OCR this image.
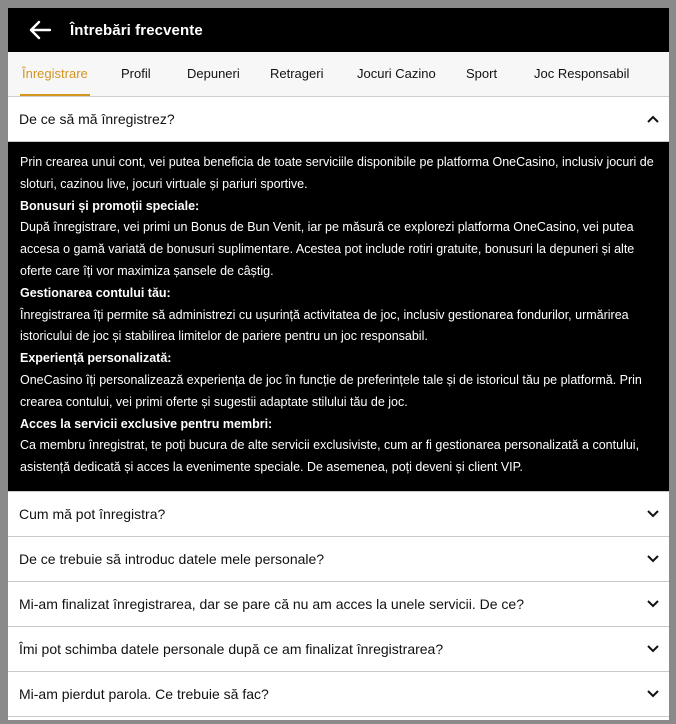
Întrebări frecvente
Înregistrare	Profil	Depuneri Retrageri	Jocuri Cazino Sport	Joc Responsabil
De ce să mă înregistrez?

Prin crearea unui cont, vei putea beneficia de toate serviciile disponibile pe platforma OneCasino, inclusiv jocuri de sloturi, cazinou live, jocuri virtuale și pariuri sportive.

Bonusuri și promoții speciale:

După înregistrare, vei primi un Bonus de Bun Venit, iar pe măsură ce explorezi platforma OneCasino, vei putea accesa o gamă variată de bonusuri suplimentare. Acestea pot include rotiri gratuite, bonusuri la depuneri și alte oferte care îți vor maximiza șansele de câștig.

Gestionarea contului tău:

Înregistrarea îți permite să administrezi cu ușurință activitatea de joc, inclusiv gestionarea fondurilor, urmărirea istoricului de joc și stabilirea limitelor de pariere pentru un joc responsabil.

Experiență personalizată:

OneCasino îți personalizează experiența de joc în funcție de preferințele tale și de istoricul tău pe platformă. Prin crearea contului, vei primi oferte și sugestii adaptate stilului tău de joc.

Acces la servicii exclusive pentru membri:

Ca membru înregistrat, te poți bucura de alte servicii exclusiviste, cum ar fi gestionarea personalizată a contului, asistență dedicată și acces la evenimente speciale. De asemenea, poți deveni și client VIP.

Cum mă pot înregistra?
De ce trebuie să introduc datele mele personale?
Mi-am finalizat înregistrarea, dar se pare că nu am acces la unele servicii. De ce?
Îmi pot schimba datele personale după ce am finalizat înregistrarea?
Mi-am pierdut parola. Ce trebuie să fac?
